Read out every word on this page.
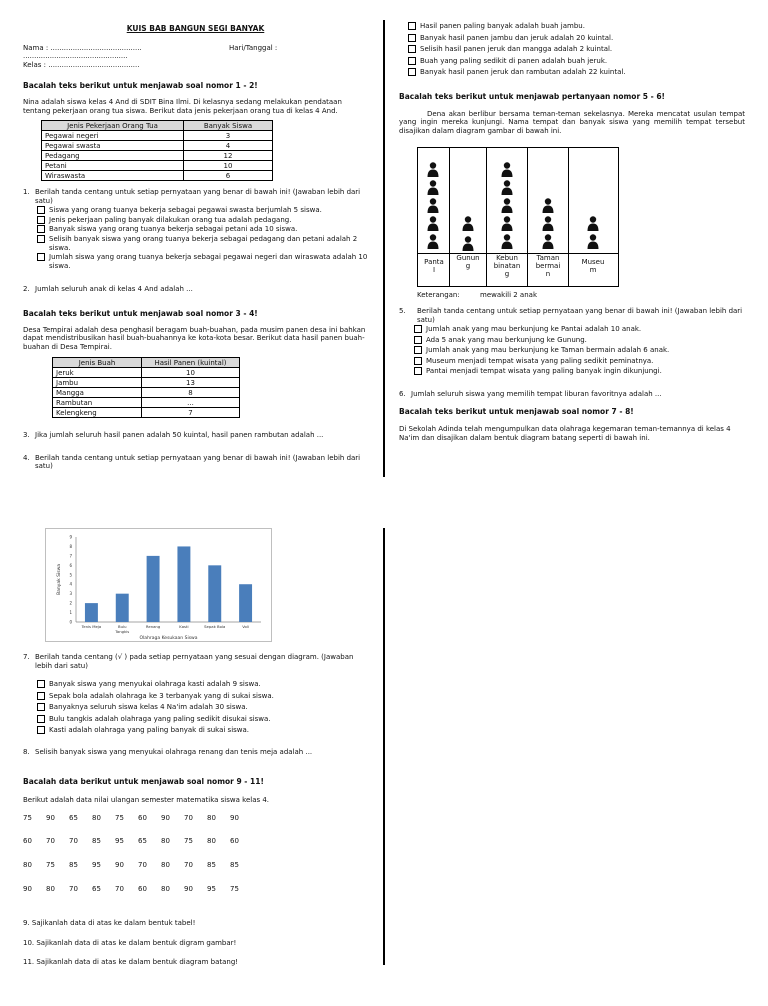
KUIS BAB BANGUN SEGI BANYAK
Nama : .........................................	Hari/Tanggal :
...............................................
Kelas : .........................................
Bacalah teks berikut untuk menjawab soal nomor 1 - 2!

Nina adalah siswa kelas 4 And di SDIT Bina Ilmi. Di kelasnya sedang melakukan pendataan tentang pekerjaan orang tua siswa. Berikut data jenis pekerjaan orang tua di kelas 4 And.

Jenis Pekerjaan Orang Tua	Banyak Siswa
Pegawai negeri	3
Pegawai swasta	4
Pedagang	12
Petani	10
Wiraswasta	6
1. Berilah tanda centang untuk setiap pernyataan yang benar di bawah ini! (Jawaban lebih dari satu)
Siswa yang orang tuanya bekerja sebagai pegawai swasta berjumlah 5 siswa.
Jenis pekerjaan paling banyak dilakukan orang tua adalah pedagang.
Banyak siswa yang orang tuanya bekerja sebagai petani ada 10 siswa.
Selisih banyak siswa yang orang tuanya bekerja sebagai pedagang dan petani adalah 2 siswa.
Jumlah siswa yang orang tuanya bekerja sebagai pegawai negeri dan wiraswata adalah 10 siswa.
2. Jumlah seluruh anak di kelas 4 And adalah ...
Bacalah teks berikut untuk menjawab soal nomor 3 - 4!

Desa Tempirai adalah desa penghasil beragam buah-buahan, pada musim panen desa ini bahkan dapat mendistribusikan hasil buah-buahannya ke kota-kota besar. Berikut data hasil panen buah-buahan di Desa Tempirai.

Jenis Buah	Hasil Panen (kuintal)
Jeruk	10
Jambu	13
Mangga	8
Rambutan	...
Kelengkeng	7
3. Jika jumlah seluruh hasil panen adalah 50 kuintal, hasil panen rambutan adalah ...
4. Berilah tanda centang untuk setiap pernyataan yang benar di bawah ini! (Jawaban lebih dari satu)
Hasil panen paling banyak adalah buah jambu.
Banyak hasil panen jambu dan jeruk adalah 20 kuintal.
Selisih hasil panen jeruk dan mangga adalah 2 kuintal.
Buah yang paling sedikit di panen adalah buah jeruk.
Banyak hasil panen jeruk dan rambutan adalah 22 kuintal.
Bacalah teks berikut untuk menjawab pertanyaan nomor 5 - 6!

Dena akan berlibur bersama teman-teman sekelasnya. Mereka mencatat usulan tempat yang ingin mereka kunjungi. Nama tempat dan banyak siswa yang memilih tempat tersebut disajikan dalam diagram gambar di bawah ini.

Panta
I
Gunun
g
Kebun
binatan
g
Taman
bermai
n
Museu
m
Keterangan:	mewakili 2 anak
5.	Berilah tanda centang untuk setiap pernyataan yang benar di bawah ini! (Jawaban lebih dari satu)
Jumlah anak yang mau berkunjung ke Pantai adalah 10 anak.
Ada 5 anak yang mau berkunjung ke Gunung.
Jumlah anak yang mau berkunjung ke Taman bermain adalah 6 anak.
Museum menjadi tempat wisata yang paling sedikit peminatnya.
Pantai menjadi tempat wisata yang paling banyak ingin dikunjungi.
6. Jumlah seluruh siswa yang memilih tempat liburan favoritnya adalah ...
Bacalah teks berikut untuk menjawab soal nomor 7 - 8!

Di Sekolah Adinda telah mengumpulkan data olahraga kegemaran teman-temannya di kelas 4 Na'im dan disajikan dalam bentuk diagram batang seperti di bawah ini.

0
1
2
3
4
5
6
7
8
9
Tenis Meja	Bulu
Tangkis
Renang	Kasti	Sepak Bola	Voli
Olahraga Kesukaan Siswa
Banyak Siswa
7. Berilah tanda centang (√ ) pada setiap pernyataan yang sesuai dengan diagram. (Jawaban lebih dari satu)
Banyak siswa yang menyukai olahraga kasti adalah 9 siswa.
Sepak bola adalah olahraga ke 3 terbanyak yang di sukai siswa.
Banyaknya seluruh siswa kelas 4 Na'im adalah 30 siswa.
Bulu tangkis adalah olahraga yang paling sedikit disukai siswa.
Kasti adalah olahraga yang paling banyak di sukai siswa.
8. Selisih banyak siswa yang menyukai olahraga renang dan tenis meja adalah ...
Bacalah data berikut untuk menjawab soal nomor 9 - 11!

Berikut adalah data nilai ulangan semester matematika siswa kelas 4.

75	90	65	80	75	60	90	70	80	90
60	70	70	85	95	65	80	75	80	60
80	75	85	95	90	70	80	70	85	85
90	80	70	65	70	60	80	90	95	75

9. Sajikanlah data di atas ke dalam bentuk tabel!

10. Sajikanlah data di atas ke dalam bentuk digram gambar!

11. Sajikanlah data di atas ke dalam bentuk diagram batang!
